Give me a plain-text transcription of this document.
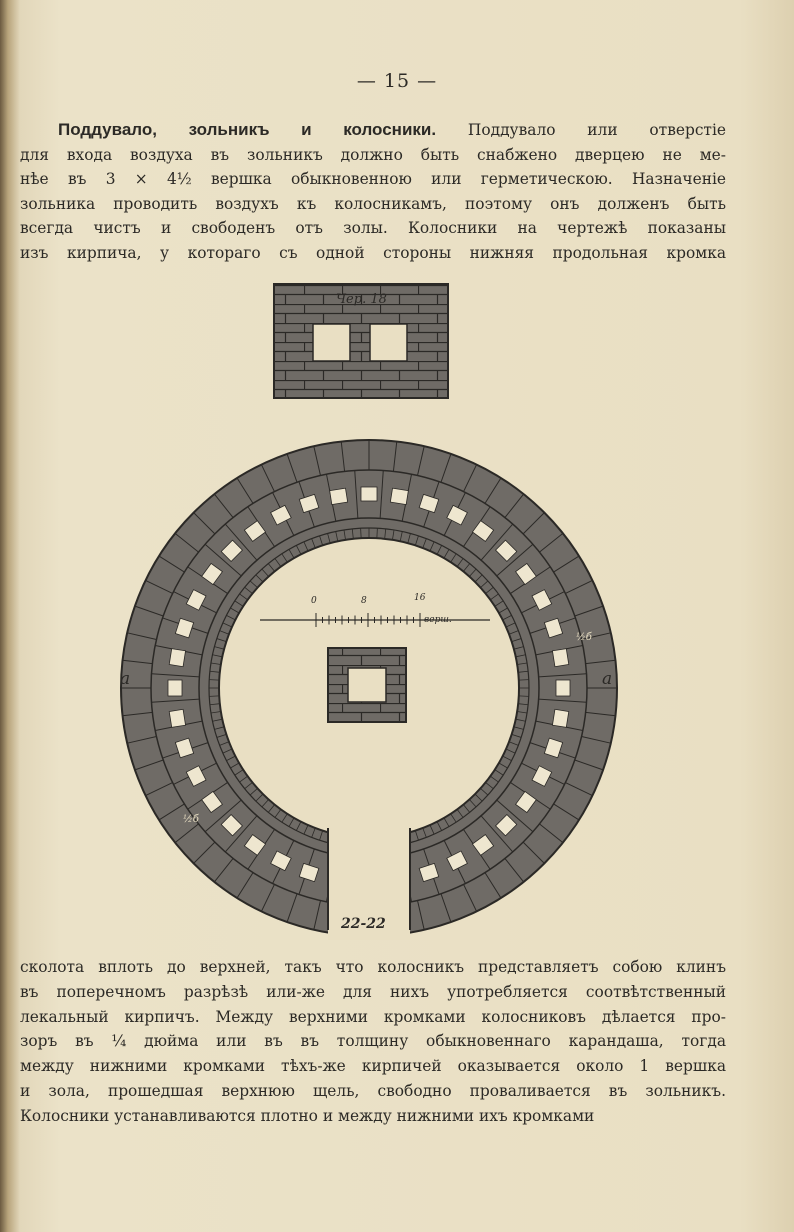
— 15 —
Поддувало, зольникъ и колосники. Поддувало или отверстіе
для входа воздуха въ зольникъ должно быть снабжено дверцею не ме-
нѣе въ 3 × 4½ вершка обыкновенною или герметическою. Назначеніе
зольника проводить воздухъ къ колосникамъ, поэтому онъ долженъ быть
всегда чистъ и свободенъ отъ золы. Колосники на чертежѣ показаны
изъ кирпича, у котораго съ одной стороны нижняя продольная кромка
Чер. 18
0	8	16
верш.
a	a
½б
½б
22-22
сколота вплоть до верхней, такъ что колосникъ представляетъ собою клинъ
въ поперечномъ разрѣзѣ или-же для нихъ употребляется соотвѣтственный
лекальный кирпичъ. Между верхними кромками колосниковъ дѣлается про-
зоръ въ ¼ дюйма или въ въ толщину обыкновеннаго карандаша, тогда
между нижними кромками тѣхъ-же кирпичей оказывается около 1 вершка
и зола, прошедшая верхнюю щель, свободно проваливается въ зольникъ.
Колосники устанавливаются плотно и между нижними ихъ кромками
